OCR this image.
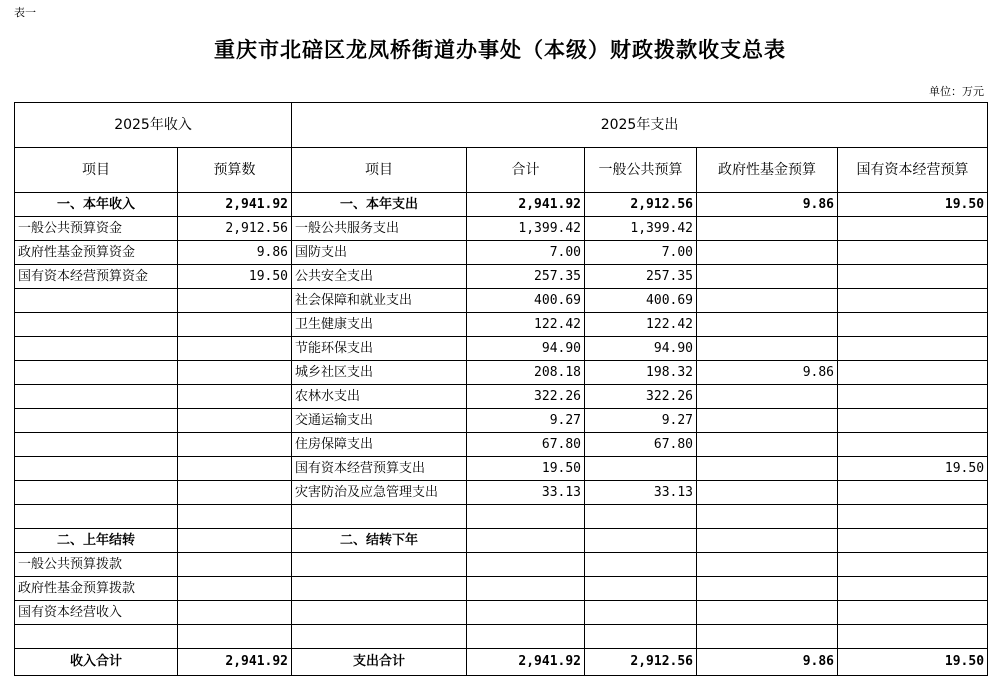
表一
重庆市北碚区龙凤桥街道办事处（本级）财政拨款收支总表
单位：万元
2025年收入		2025年支出				
项目	预算数	项目	合计	一般公共预算	政府性基金预算	国有资本经营预算
一、本年收入	2,941.92	一、本年支出	2,941.92	2,912.56	9.86	19.50
一般公共预算资金	2,912.56	一般公共服务支出	1,399.42	1,399.42		
政府性基金预算资金	9.86	国防支出	7.00	7.00		
国有资本经营预算资金	19.50	公共安全支出	257.35	257.35		
		社会保障和就业支出	400.69	400.69		
		卫生健康支出	122.42	122.42		
		节能环保支出	94.90	94.90		
		城乡社区支出	208.18	198.32	9.86	
		农林水支出	322.26	322.26		
		交通运输支出	9.27	9.27		
		住房保障支出	67.80	67.80		
		国有资本经营预算支出	19.50			19.50
		灾害防治及应急管理支出	33.13	33.13		

二、上年结转		二、结转下年				
一般公共预算拨款						
政府性基金预算拨款						
国有资本经营收入						

收入合计	2,941.92	支出合计	2,941.92	2,912.56	9.86	19.50
